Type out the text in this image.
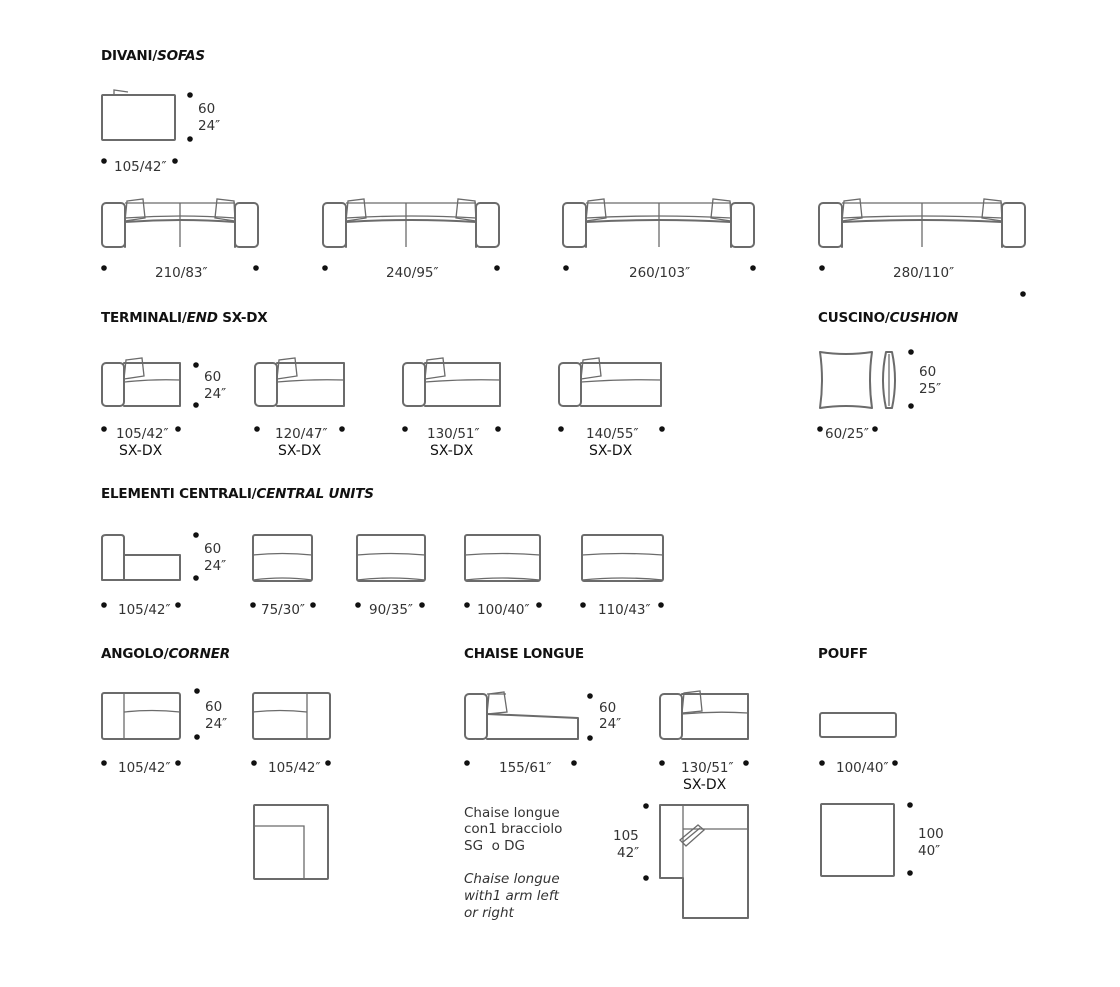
DIVANI/SOFAS
TERMINALI/END SX-DX	CUSCINO/CUSHION
ELEMENTI CENTRALI/CENTRAL UNITS
ANGOLO/CORNER	CHAISE LONGUE	POUFF
60
24″
105/42″
210/83″	240/95″	260/103″	280/110″
60
24″
105/42″
SX-DX
120/47″
SX-DX
130/51″
SX-DX
140/55″
SX-DX
60
25″
60/25″
60
24″
105/42″	75/30″	90/35″	100/40″	110/43″
60
24″
105/42″	105/42″
60
24″
155/61″	130/51″
SX-DX
105
42″
Chaise longue
con1 bracciolo
SG  o DG
Chaise longue
with1 arm left
or right
100/40″
100
40″
